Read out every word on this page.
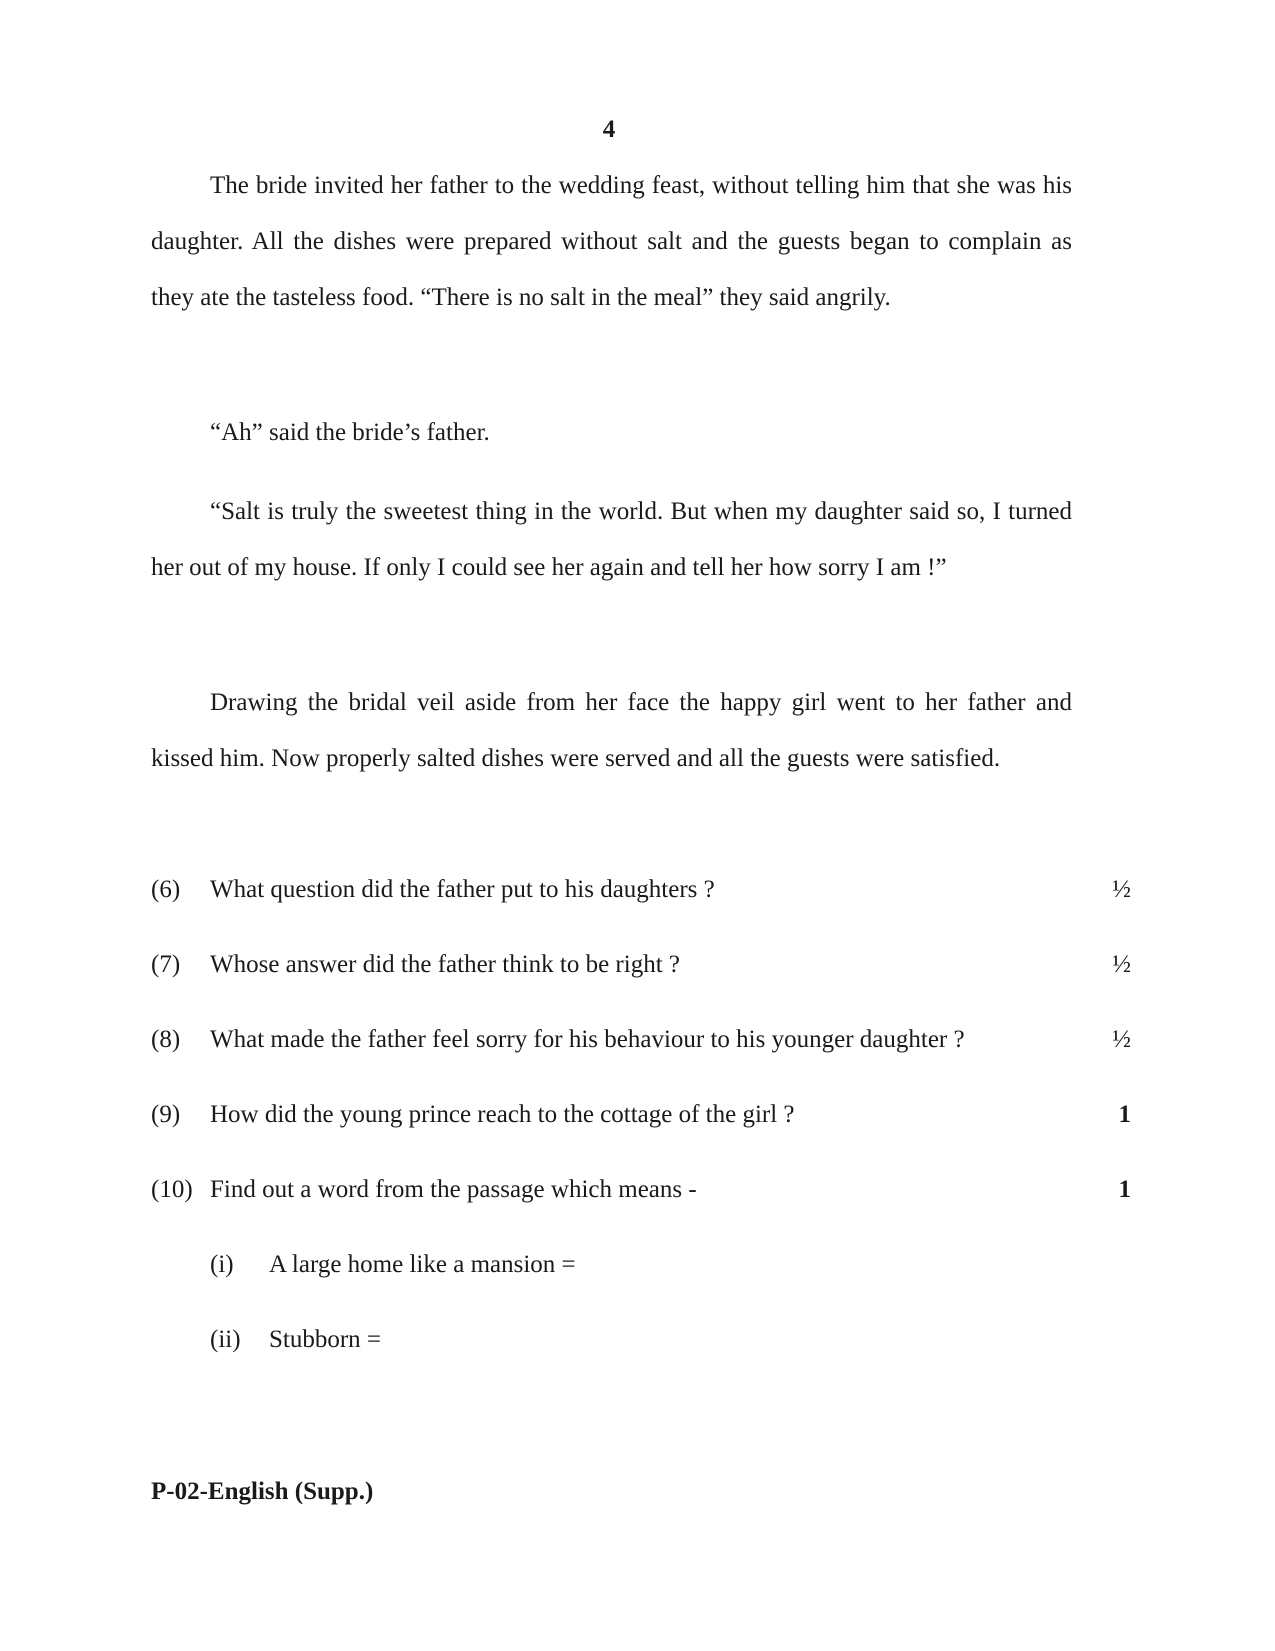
4

The bride invited her father to the wedding feast, without telling him that she was his daughter. All the dishes were prepared without salt and the guests began to complain as they ate the tasteless food. “There is no salt in the meal” they said angrily.

“Ah” said the bride’s father.

“Salt is truly the sweetest thing in the world. But when my daughter said so, I turned her out of my house. If only I could see her again and tell her how sorry I am !”

Drawing the bridal veil aside from her face the happy girl went to her father and kissed him. Now properly salted dishes were served and all the guests were satisfied.

(6) What question did the father put to his daughters ?	½
(7) Whose answer did the father think to be right ?	½
(8) What made the father feel sorry for his behaviour to his younger daughter ?	½
(9) How did the young prince reach to the cottage of the girl ?	1
(10) Find out a word from the passage which means -	1
(i) A large home like a mansion =
(ii) Stubborn =
P-02-English (Supp.)
